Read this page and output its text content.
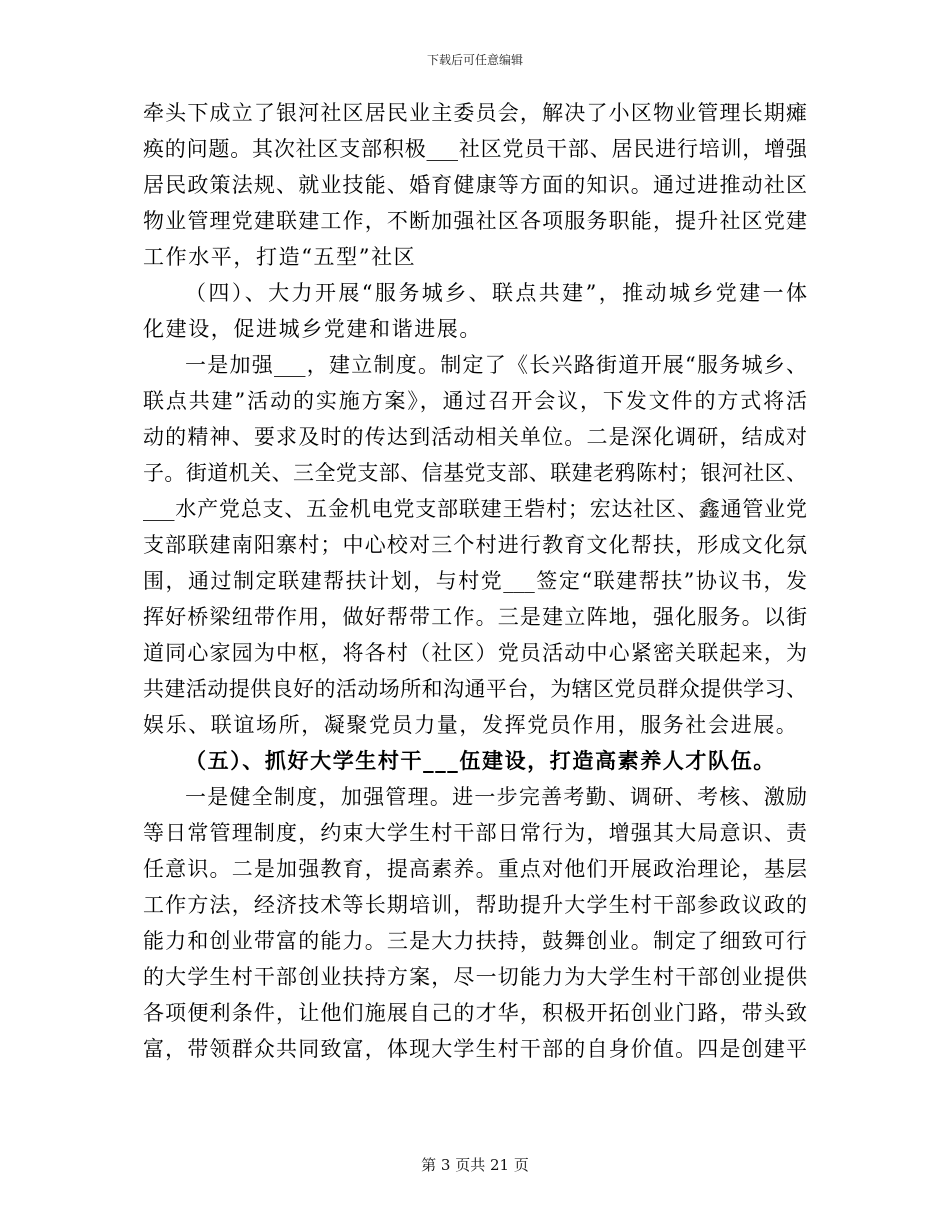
下载后可任意编辑
牵头下成立了银河社区居民业主委员会，解决了小区物业管理长期瘫
痪的问题。其次社区支部积极___社区党员干部、居民进行培训，增强
居民政策法规、就业技能、婚育健康等方面的知识。通过进推动社区
物业管理党建联建工作，不断加强社区各项服务职能，提升社区党建
工作水平，打造“五型”社区
（四）、大力开展“服务城乡、联点共建”，推动城乡党建一体
化建设，促进城乡党建和谐进展。
一是加强___，建立制度。制定了《长兴路街道开展“服务城乡、
联点共建”活动的实施方案》，通过召开会议，下发文件的方式将活
动的精神、要求及时的传达到活动相关单位。二是深化调研，结成对
子。街道机关、三全党支部、信基党支部、联建老鸦陈村；银河社区、
___水产党总支、五金机电党支部联建王砦村；宏达社区、鑫通管业党
支部联建南阳寨村；中心校对三个村进行教育文化帮扶，形成文化氛
围，通过制定联建帮扶计划，与村党___签定“联建帮扶”协议书，发
挥好桥梁纽带作用，做好帮带工作。三是建立阵地，强化服务。以街
道同心家园为中枢，将各村（社区）党员活动中心紧密关联起来，为
共建活动提供良好的活动场所和沟通平台，为辖区党员群众提供学习、
娱乐、联谊场所，凝聚党员力量，发挥党员作用，服务社会进展。
（五）、抓好大学生村干___伍建设，打造高素养人才队伍。
一是健全制度，加强管理。进一步完善考勤、调研、考核、激励
等日常管理制度，约束大学生村干部日常行为，增强其大局意识、责
任意识。二是加强教育，提高素养。重点对他们开展政治理论，基层
工作方法，经济技术等长期培训，帮助提升大学生村干部参政议政的
能力和创业带富的能力。三是大力扶持，鼓舞创业。制定了细致可行
的大学生村干部创业扶持方案，尽一切能力为大学生村干部创业提供
各项便利条件，让他们施展自己的才华，积极开拓创业门路，带头致
富，带领群众共同致富，体现大学生村干部的自身价值。四是创建平
第 3 页共 21 页
